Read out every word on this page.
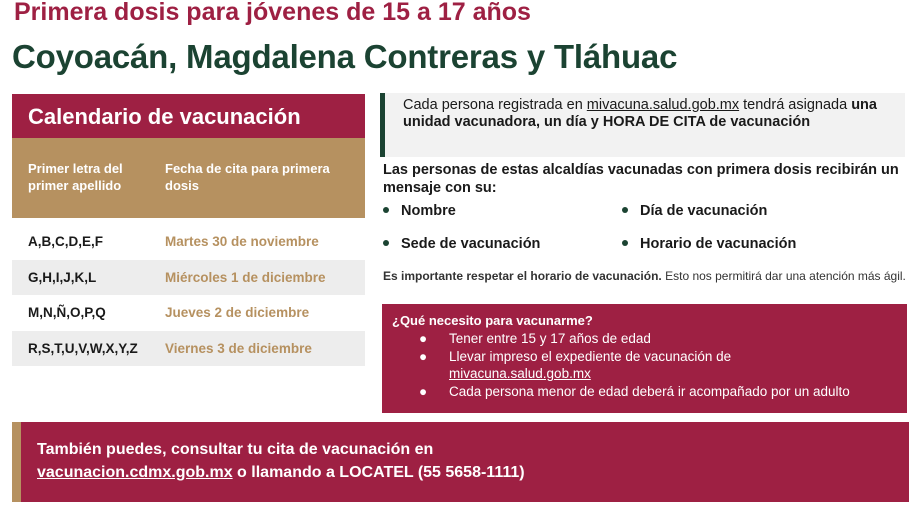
Primera dosis para jóvenes de 15 a 17 años
Coyoacán, Magdalena Contreras y Tláhuac
Calendario de vacunación
Primer letra del primer apellido
Fecha de cita para primera dosis
A,B,C,D,E,F	Martes 30 de noviembre
G,H,I,J,K,L	Miércoles 1 de diciembre
M,N,Ñ,O,P,Q	Jueves 2 de diciembre
R,S,T,U,V,W,X,Y,Z	Viernes 3 de diciembre
Cada persona registrada en mivacuna.salud.gob.mx tendrá asignada una unidad vacunadora, un día y HORA DE CITA de vacunación
Las personas de estas alcaldías vacunadas con primera dosis recibirán un mensaje con su:
Nombre	Día de vacunación
Sede de vacunación	Horario de vacunación
Es importante respetar el horario de vacunación. Esto nos permitirá dar una atención más ágil.
¿Qué necesito para vacunarme?
● Tener entre 15 y 17 años de edad
● Llevar impreso el expediente de vacunación de
mivacuna.salud.gob.mx
● Cada persona menor de edad deberá ir acompañado por un adulto
También puedes, consultar tu cita de vacunación en
vacunacion.cdmx.gob.mx o llamando a LOCATEL (55 5658-1111)
